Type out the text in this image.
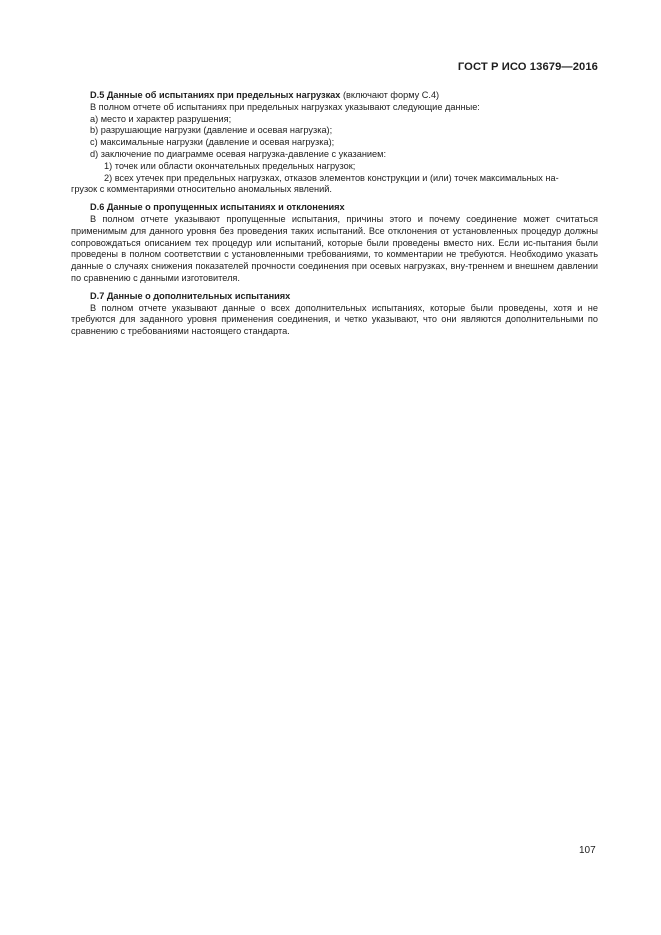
ГОСТ Р ИСО 13679—2016

D.5 Данные об испытаниях при предельных нагрузках (включают форму С.4)

В полном отчете об испытаниях при предельных нагрузках указывают следующие данные:

a) место и характер разрушения;

b) разрушающие нагрузки (давление и осевая нагрузка);

c) максимальные нагрузки (давление и осевая нагрузка);

d) заключение по диаграмме осевая нагрузка-давление с указанием:

1) точек или области окончательных предельных нагрузок;

2) всех утечек при предельных нагрузках, отказов элементов конструкции и (или) точек максимальных на-

грузок с комментариями относительно аномальных явлений.

D.6 Данные о пропущенных испытаниях и отклонениях

В полном отчете указывают пропущенные испытания, причины этого и почему соединение может считаться применимым для данного уровня без проведения таких испытаний. Все отклонения от установленных процедур должны сопровождаться описанием тех процедур или испытаний, которые были проведены вместо них. Если ис-пытания были проведены в полном соответствии с установленными требованиями, то комментарии не требуются. Необходимо указать данные о случаях снижения показателей прочности соединения при осевых нагрузках, вну-треннем и внешнем давлении по сравнению с данными изготовителя.

D.7 Данные о дополнительных испытаниях

В полном отчете указывают данные о всех дополнительных испытаниях, которые были проведены, хотя и не требуются для заданного уровня применения соединения, и четко указывают, что они являются дополнительными по сравнению с требованиями настоящего стандарта.

107
